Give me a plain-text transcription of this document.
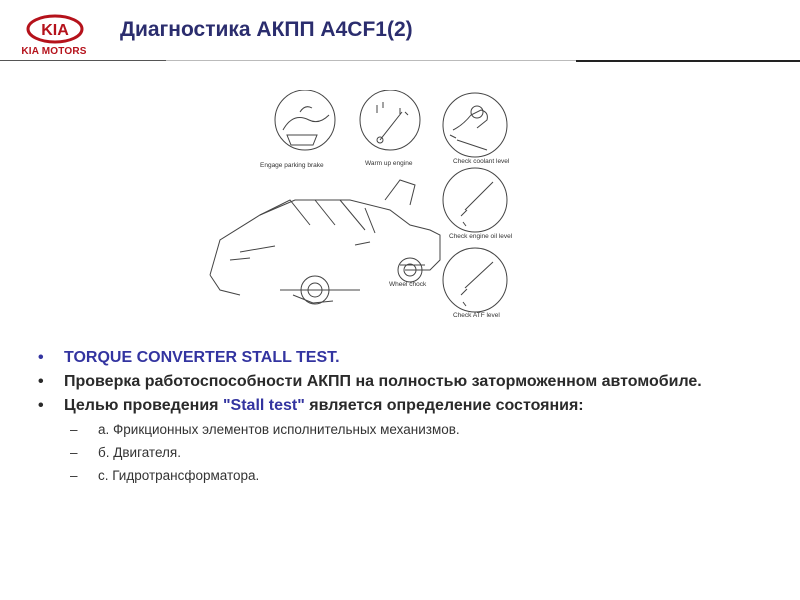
KIA
KIA MOTORS
Диагностика АКПП A4CF1(2)
Engage parking brake	Warm up engine	Check coolant level
Check engine oil level
Wheel chock
Check ATF level
• TORQUE CONVERTER STALL TEST.
• Проверка работоспособности АКПП на полностью заторможенном автомобиле.
• Целью проведения "Stall test" является определение состояния:
– а. Фрикционных элементов исполнительных механизмов.
– б. Двигателя.
– с. Гидротрансформатора.
